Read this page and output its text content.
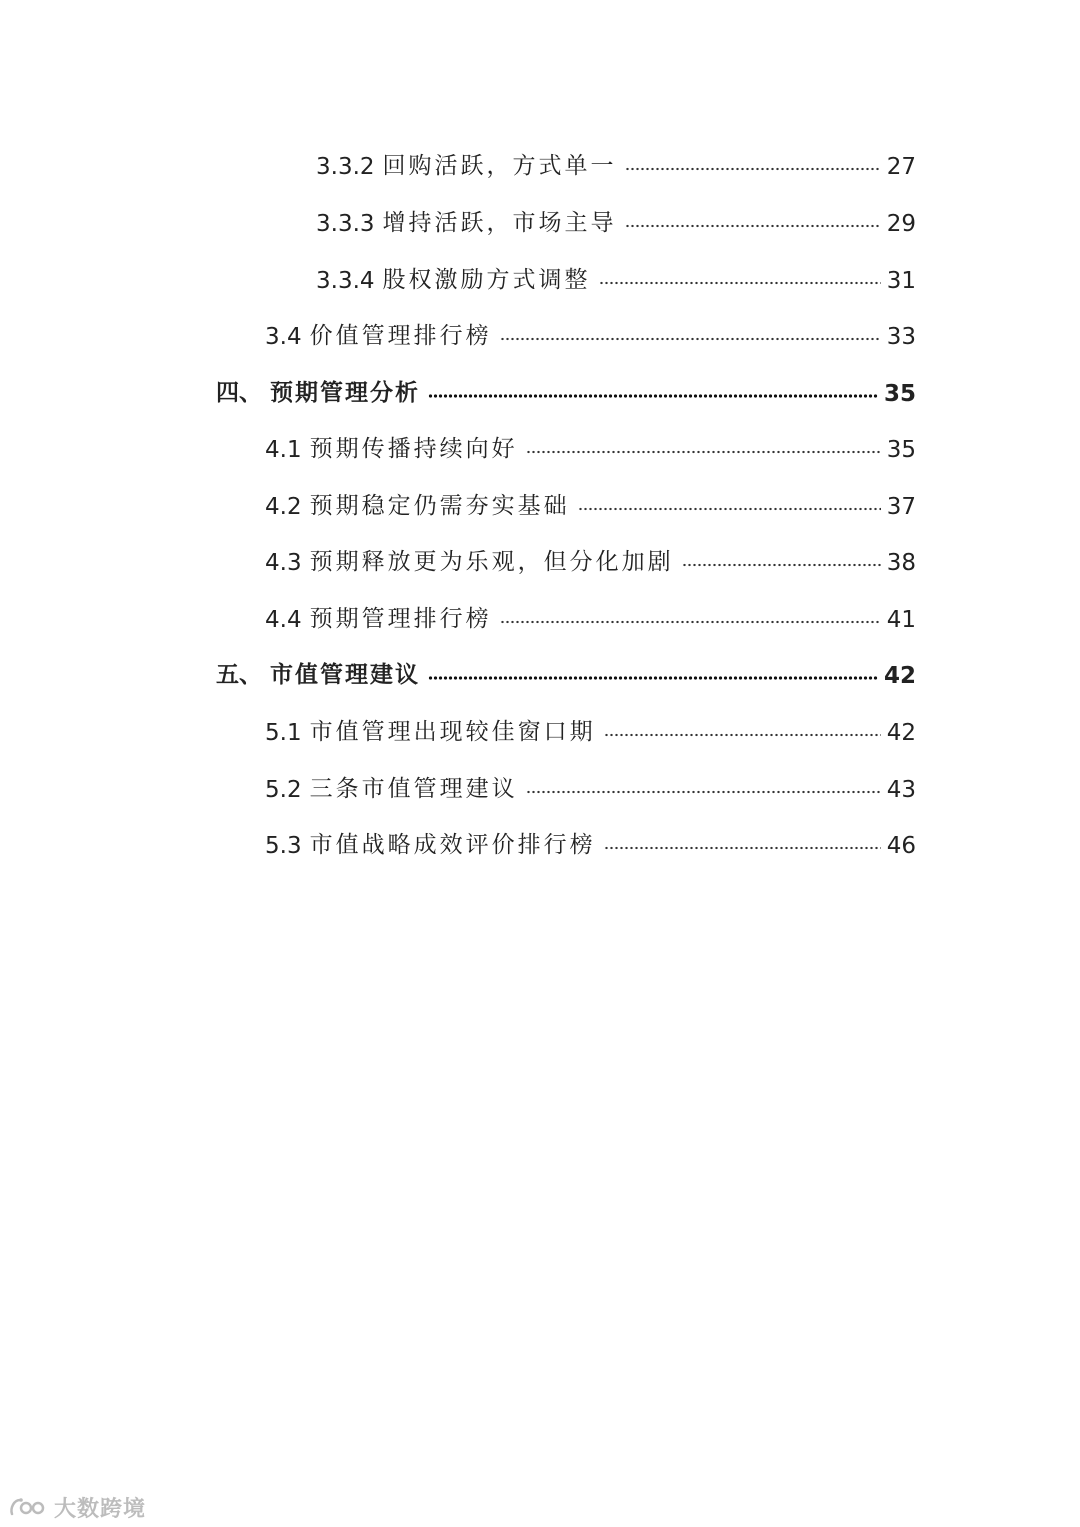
3.3.2 回购活跃，方式单一	27
3.3.3 增持活跃，市场主导	29
3.3.4 股权激励方式调整	31
3.4 价值管理排行榜	33
四、 预期管理分析	35
4.1 预期传播持续向好	35
4.2 预期稳定仍需夯实基础	37
4.3 预期释放更为乐观，但分化加剧	38
4.4 预期管理排行榜	41
五、 市值管理建议	42
5.1 市值管理出现较佳窗口期	42
5.2 三条市值管理建议	43
5.3 市值战略成效评价排行榜	46
大数跨境
